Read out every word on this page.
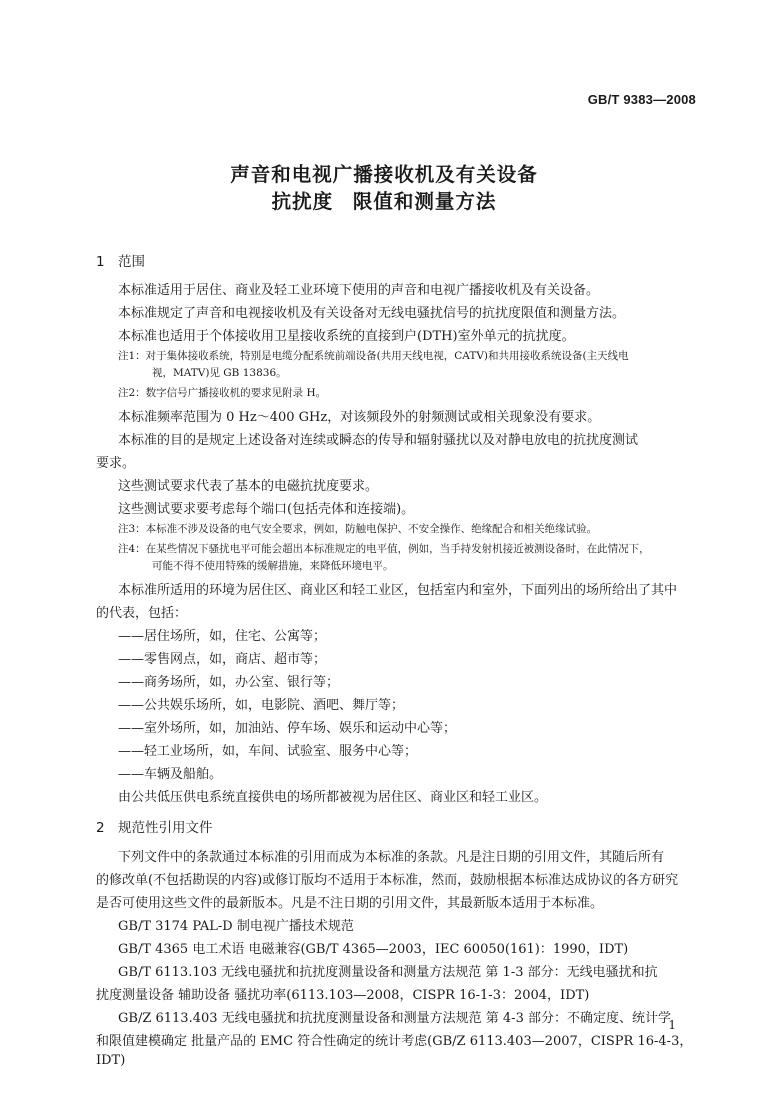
GB/T 9383—2008
声音和电视广播接收机及有关设备
抗扰度 限值和测量方法
1 范围
本标准适用于居住、商业及轻工业环境下使用的声音和电视广播接收机及有关设备。
本标准规定了声音和电视接收机及有关设备对无线电骚扰信号的抗扰度限值和测量方法。
本标准也适用于个体接收用卫星接收系统的直接到户(DTH)室外单元的抗扰度。
注1：对于集体接收系统，特别是电缆分配系统前端设备(共用天线电视，CATV)和共用接收系统设备(主天线电
视，MATV)见 GB 13836。
注2：数字信号广播接收机的要求见附录 H。
本标准频率范围为 0 Hz～400 GHz，对该频段外的射频测试或相关现象没有要求。
本标准的目的是规定上述设备对连续或瞬态的传导和辐射骚扰以及对静电放电的抗扰度测试
要求。
这些测试要求代表了基本的电磁抗扰度要求。
这些测试要求要考虑每个端口(包括壳体和连接端)。
注3：本标准不涉及设备的电气安全要求，例如，防触电保护、不安全操作、绝缘配合和相关绝缘试验。
注4：在某些情况下骚扰电平可能会超出本标准规定的电平值，例如，当手持发射机接近被测设备时，在此情况下，
可能不得不使用特殊的缓解措施，来降低环境电平。
本标准所适用的环境为居住区、商业区和轻工业区，包括室内和室外，下面列出的场所给出了其中
的代表，包括：
——居住场所，如，住宅、公寓等；
——零售网点，如，商店、超市等；
——商务场所，如，办公室、银行等；
——公共娱乐场所，如，电影院、酒吧、舞厅等；
——室外场所，如，加油站、停车场、娱乐和运动中心等；
——轻工业场所，如，车间、试验室、服务中心等；
——车辆及船舶。
由公共低压供电系统直接供电的场所都被视为居住区、商业区和轻工业区。
2 规范性引用文件
下列文件中的条款通过本标准的引用而成为本标准的条款。凡是注日期的引用文件，其随后所有
的修改单(不包括勘误的内容)或修订版均不适用于本标准，然而，鼓励根据本标准达成协议的各方研究
是否可使用这些文件的最新版本。凡是不注日期的引用文件，其最新版本适用于本标准。
GB/T 3174 PAL-D 制电视广播技术规范
GB/T 4365 电工术语 电磁兼容(GB/T 4365—2003，IEC 60050(161)：1990，IDT)
GB/T 6113.103 无线电骚扰和抗扰度测量设备和测量方法规范 第 1-3 部分：无线电骚扰和抗
扰度测量设备 辅助设备 骚扰功率(6113.103—2008，CISPR 16-1-3：2004，IDT)
GB/Z 6113.403 无线电骚扰和抗扰度测量设备和测量方法规范 第 4-3 部分：不确定度、统计学
和限值建模确定 批量产品的 EMC 符合性确定的统计考虑(GB/Z 6113.403—2007，CISPR 16-4-3，
IDT)
1
